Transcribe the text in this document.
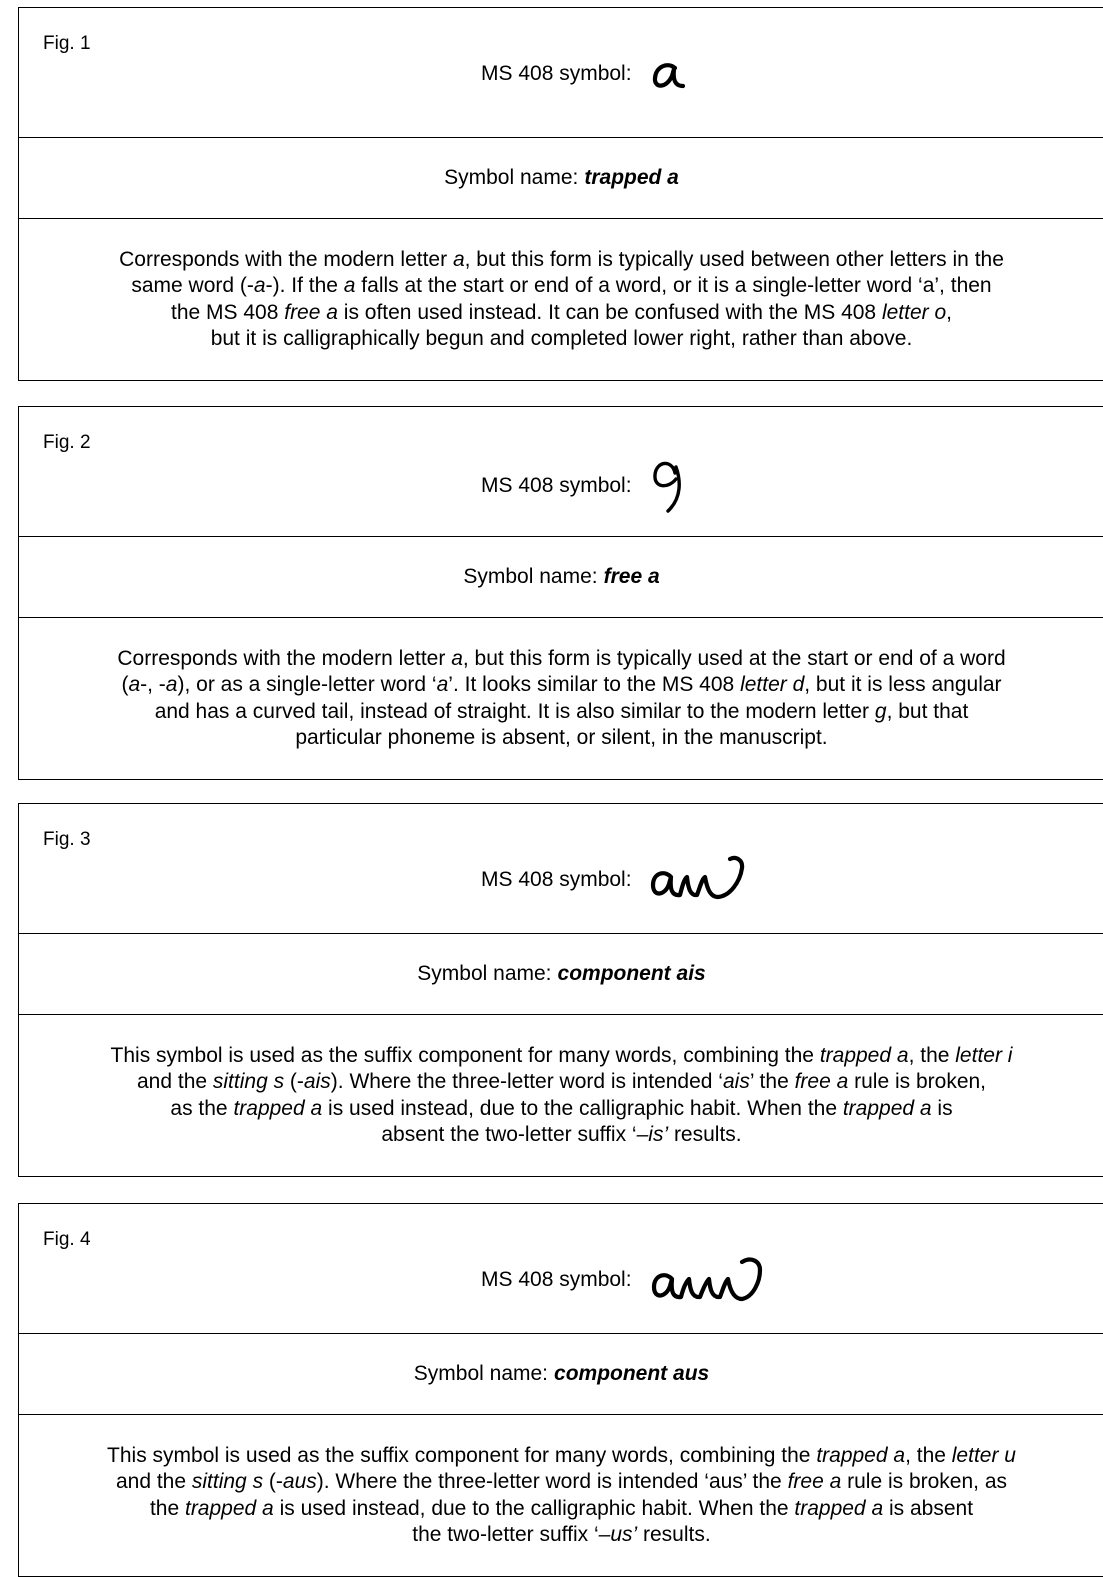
Fig. 1
MS 408 symbol:
Symbol name: trapped a

Corresponds with the modern letter a, but this form is typically used between other letters in the

same word (-a-). If the a falls at the start or end of a word, or it is a single-letter word ‘a’, then

the MS 408 free a is often used instead. It can be confused with the MS 408 letter o,

but it is calligraphically begun and completed lower right, rather than above.

Fig. 2
MS 408 symbol:
Symbol name: free a

Corresponds with the modern letter a, but this form is typically used at the start or end of a word

(a-, -a), or as a single-letter word ‘a’. It looks similar to the MS 408 letter d, but it is less angular

and has a curved tail, instead of straight. It is also similar to the modern letter g, but that

particular phoneme is absent, or silent, in the manuscript.

Fig. 3
MS 408 symbol:
Symbol name: component ais

This symbol is used as the suffix component for many words, combining the trapped a, the letter i

and the sitting s (-ais). Where the three-letter word is intended ‘ais’ the free a rule is broken,

as the trapped a is used instead, due to the calligraphic habit. When the trapped a is

absent the two-letter suffix ‘–is’ results.

Fig. 4
MS 408 symbol:
Symbol name: component aus

This symbol is used as the suffix component for many words, combining the trapped a, the letter u

and the sitting s (-aus). Where the three-letter word is intended ‘aus’ the free a rule is broken, as

the trapped a is used instead, due to the calligraphic habit. When the trapped a is absent

the two-letter suffix ‘–us’ results.
